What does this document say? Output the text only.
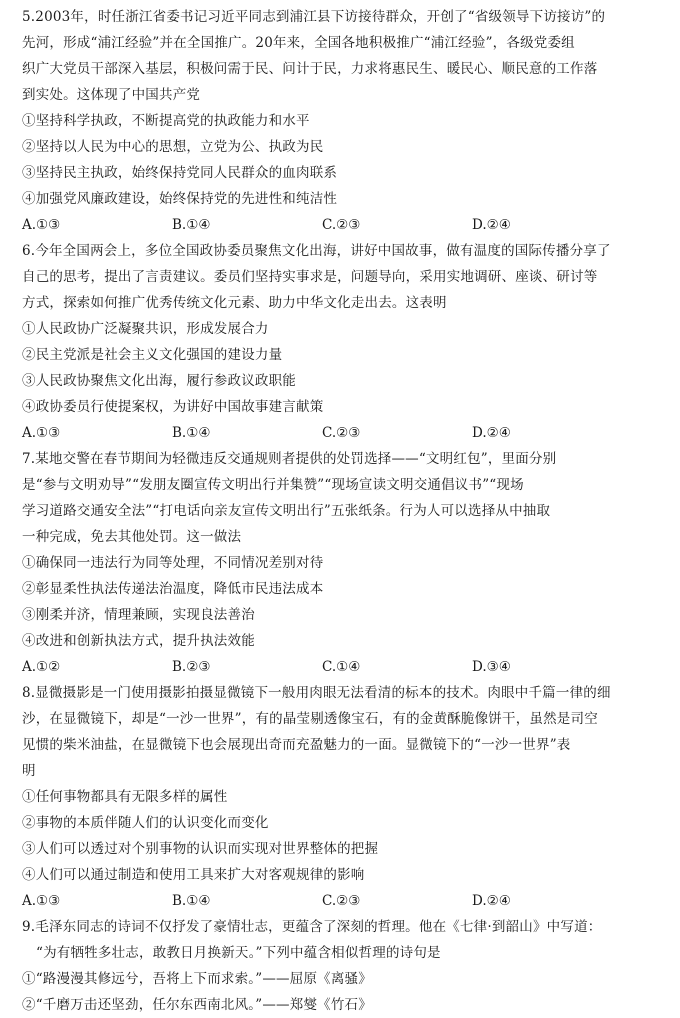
5.2003年，时任浙江省委书记习近平同志到浦江县下访接待群众，开创了“省级领导下访接访”的
先河，形成“浦江经验”并在全国推广。20年来，全国各地积极推广“浦江经验”，各级党委组
织广大党员干部深入基层，积极问需于民、问计于民，力求将惠民生、暖民心、顺民意的工作落
到实处。这体现了中国共产党
①坚持科学执政，不断提高党的执政能力和水平
②坚持以人民为中心的思想，立党为公、执政为民
③坚持民主执政，始终保持党同人民群众的血肉联系
④加强党风廉政建设，始终保持党的先进性和纯洁性
A.①③	B.①④	C.②③	D.②④
6.今年全国两会上，多位全国政协委员聚焦文化出海，讲好中国故事，做有温度的国际传播分享了
自己的思考，提出了言责建议。委员们坚持实事求是，问题导向，采用实地调研、座谈、研讨等
方式，探索如何推广优秀传统文化元素、助力中华文化走出去。这表明
①人民政协广泛凝聚共识，形成发展合力
②民主党派是社会主义文化强国的建设力量
③人民政协聚焦文化出海，履行参政议政职能
④政协委员行使提案权，为讲好中国故事建言献策
A.①③	B.①④	C.②③	D.②④
7.某地交警在春节期间为轻微违反交通规则者提供的处罚选择——“文明红包”，里面分别
是“参与文明劝导”“发朋友圈宣传文明出行并集赞”“现场宣读文明交通倡议书”“现场
学习道路交通安全法”“打电话向亲友宣传文明出行”五张纸条。行为人可以选择从中抽取
一种完成，免去其他处罚。这一做法
①确保同一违法行为同等处理，不同情况差别对待
②彰显柔性执法传递法治温度，降低市民违法成本
③刚柔并济，情理兼顾，实现良法善治
④改进和创新执法方式，提升执法效能
A.①②	B.②③	C.①④	D.③④
8.显微摄影是一门使用摄影拍摄显微镜下一般用肉眼无法看清的标本的技术。肉眼中千篇一律的细
沙，在显微镜下，却是“一沙一世界”，有的晶莹剔透像宝石，有的金黄酥脆像饼干，虽然是司空
见惯的柴米油盐，在显微镜下也会展现出奇而充盈魅力的一面。显微镜下的“一沙一世界”表
明
①任何事物都具有无限多样的属性
②事物的本质伴随人们的认识变化而变化
③人们可以透过对个别事物的认识而实现对世界整体的把握
④人们可以通过制造和使用工具来扩大对客观规律的影响
A.①③	B.①④	C.②③	D.②④
9.毛泽东同志的诗词不仅抒发了豪情壮志，更蕴含了深刻的哲理。他在《七律·到韶山》中写道：
“为有牺牲多壮志，敢教日月换新天。”下列中蕴含相似哲理的诗句是
①“路漫漫其修远兮，吾将上下而求索。”——屈原《离骚》
②“千磨万击还坚劲，任尔东西南北风。”——郑燮《竹石》
